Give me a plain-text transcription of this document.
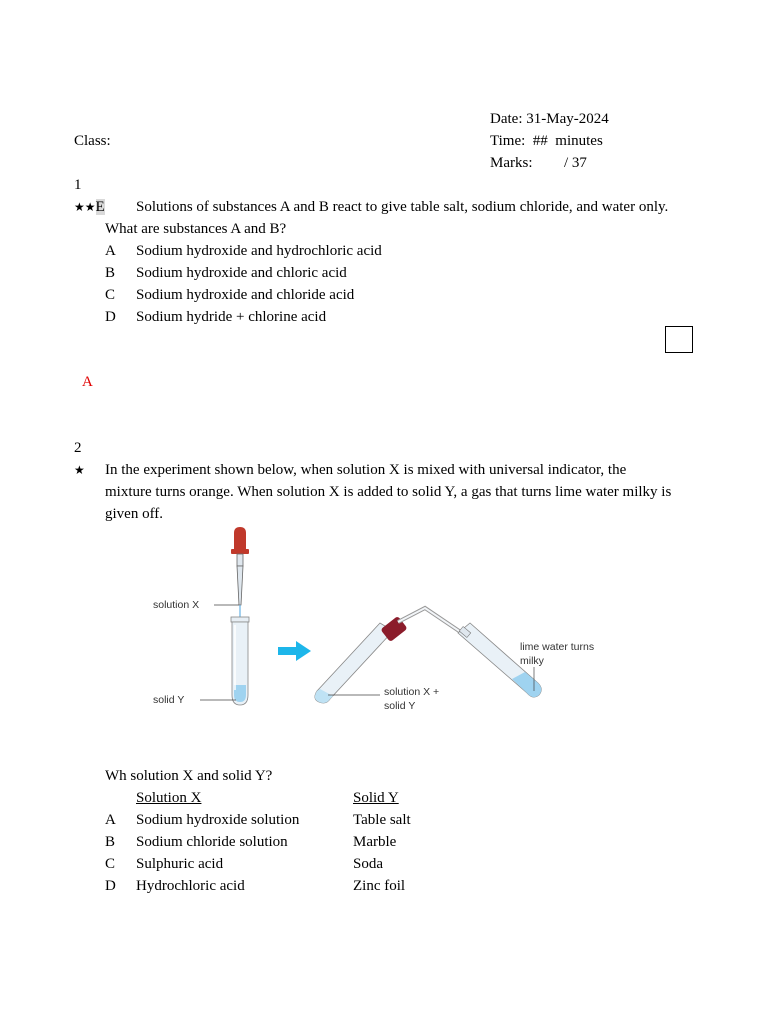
Date: 31-May-2024
Class:	Time: ## minutes
Marks: / 37
1
★★E Solutions of substances A and B react to give table salt, sodium chloride, and water only.
What are substances A and B?
A Sodium hydroxide and hydrochloric acid
B Sodium hydroxide and chloric acid
C Sodium hydroxide and chloride acid
D Sodium hydride + chlorine acid
A
2
★ In the experiment shown below, when solution X is mixed with universal indicator, the
mixture turns orange. When solution X is added to solid Y, a gas that turns lime water milky is
given off.
solution X
solid Y
solution X +
solid Y
lime water turns
milky
Wh solution X and solid Y?
Solution X	Solid Y
A Sodium hydroxide solution	Table salt
B Sodium chloride solution	Marble
C Sulphuric acid	Soda
D Hydrochloric acid	Zinc foil
